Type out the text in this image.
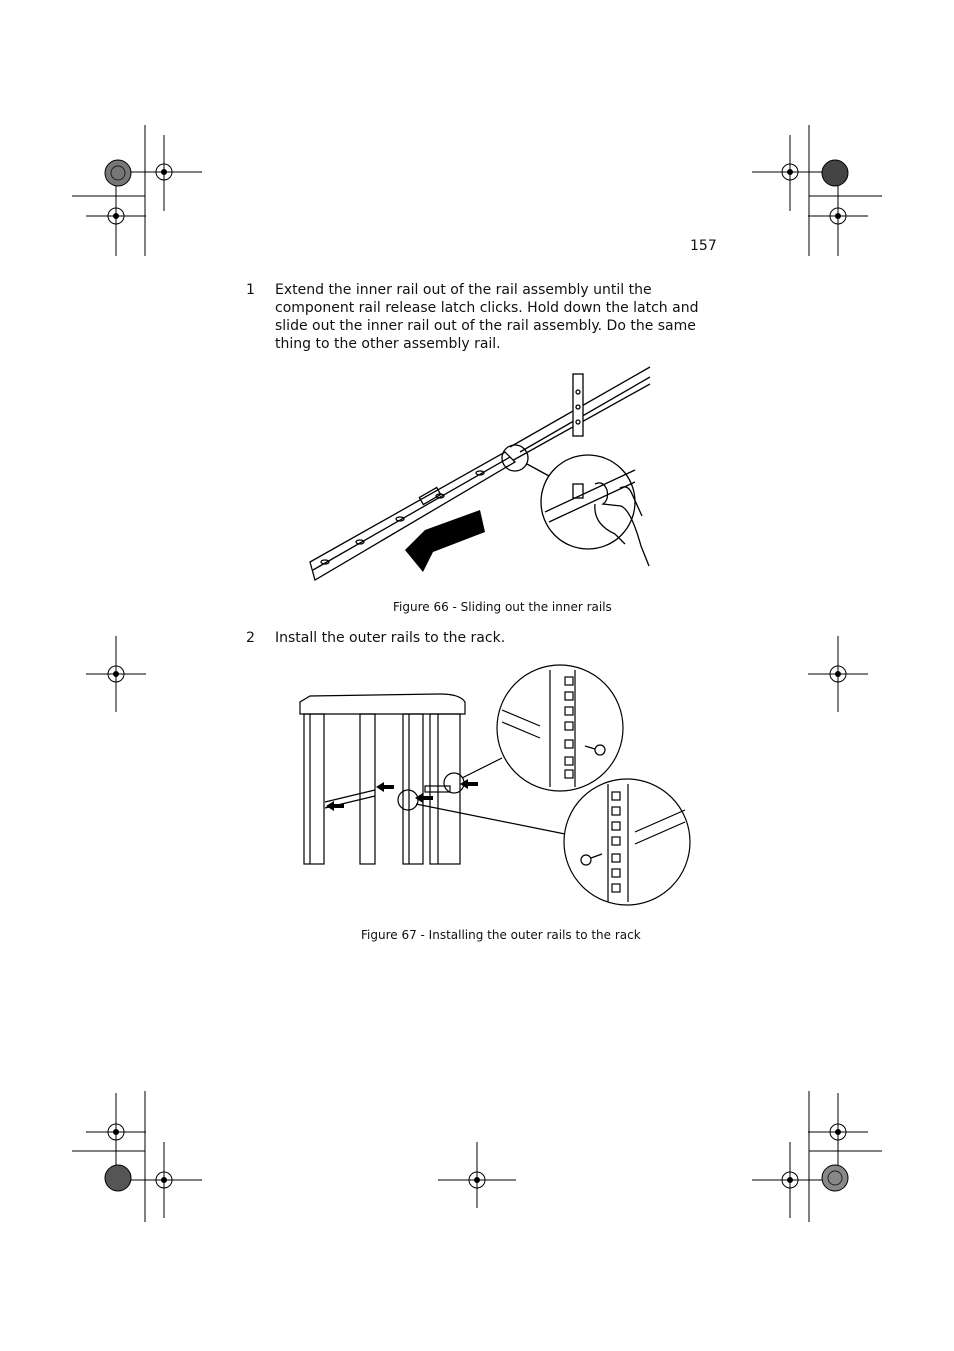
157
1 Extend the inner rail out of the rail assembly until the component rail release latch clicks. Hold down the latch and slide out the inner rail out of the rail assembly. Do the same thing to the other assembly rail.
Figure 66 - Sliding out the inner rails
2 Install the outer rails to the rack.
Figure 67 - Installing the outer rails to the rack
